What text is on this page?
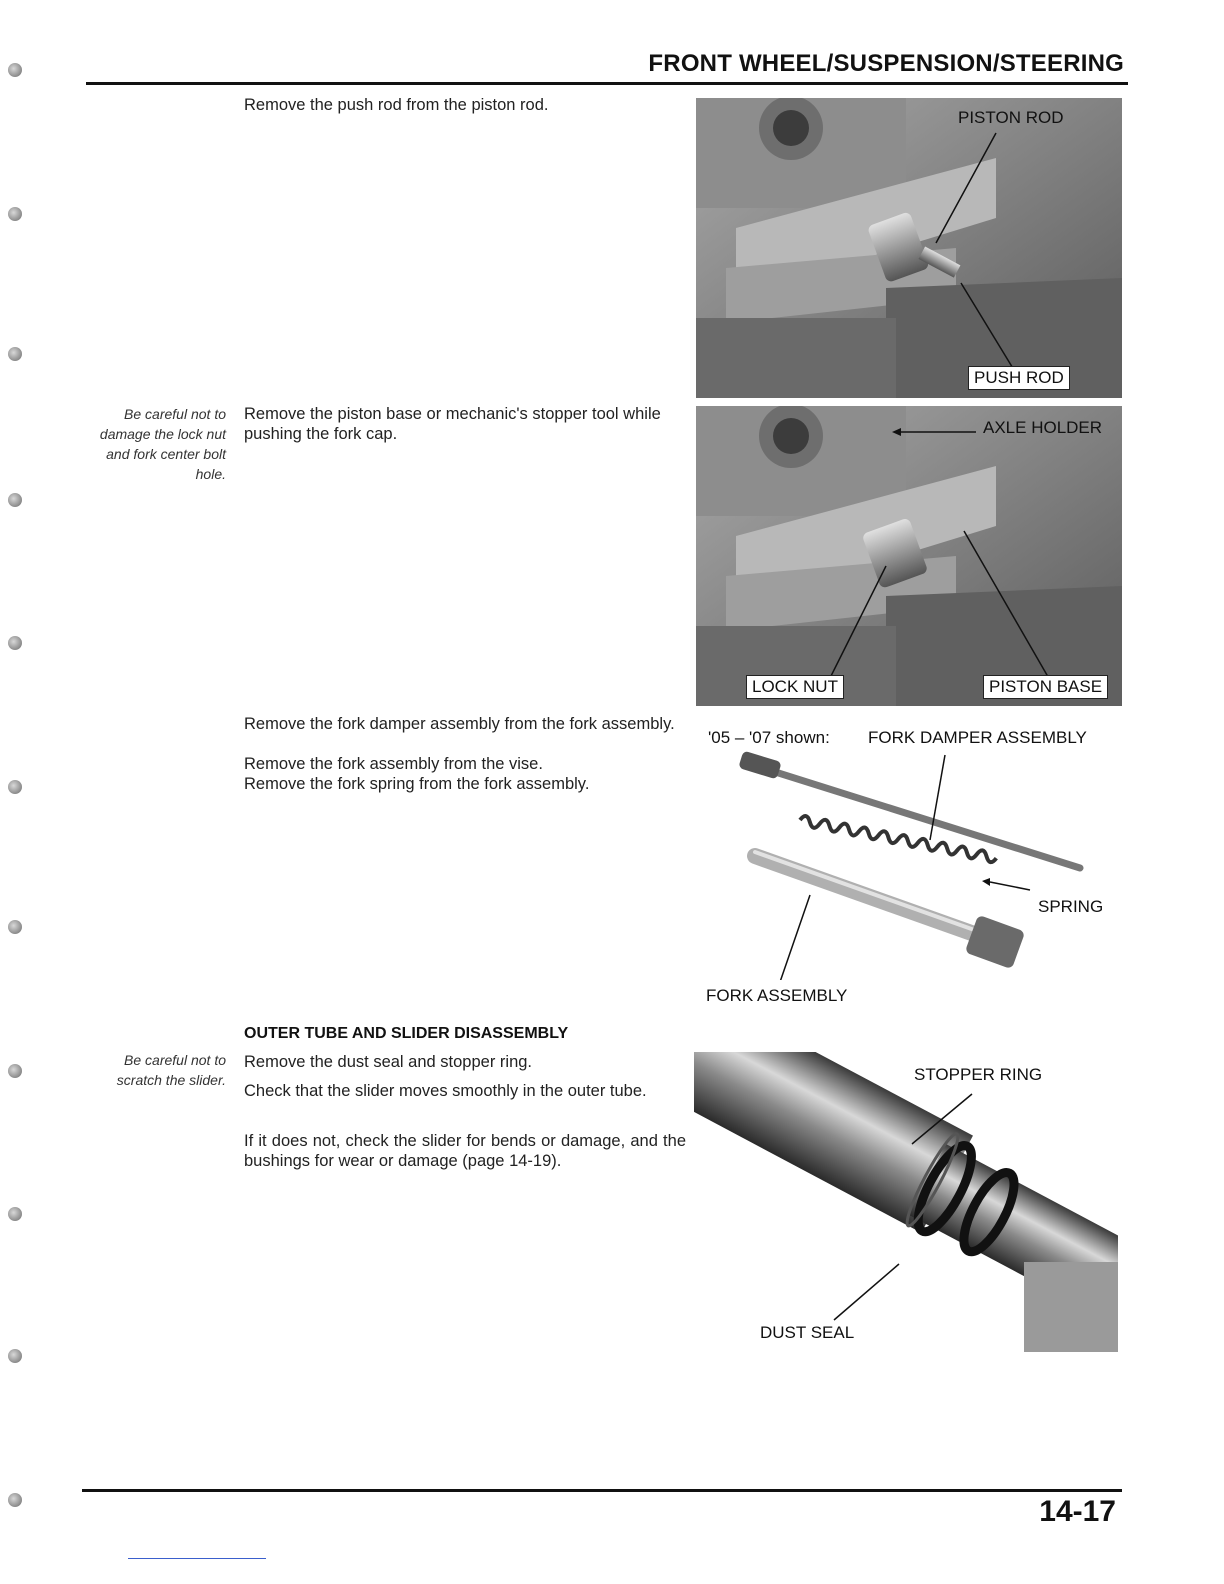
FRONT WHEEL/SUSPENSION/STEERING
Remove the push rod from the piston rod.
PISTON ROD
PUSH ROD
Be careful not to damage the lock nut and fork center bolt hole.
Remove the piston base or mechanic's stopper tool while pushing the fork cap.	AXLE HOLDER
LOCK NUT	PISTON BASE
Remove the fork damper assembly from the fork assembly.
Remove the fork assembly from the vise.
Remove the fork spring from the fork assembly.
'05 – '07 shown: FORK DAMPER ASSEMBLY
SPRING
FORK ASSEMBLY
OUTER TUBE AND SLIDER DISASSEMBLY
Be careful not to scratch the slider.
Remove the dust seal and stopper ring.
Check that the slider moves smoothly in the outer tube.
If it does not, check the slider for bends or damage, and the bushings for wear or damage (page 14-19).
STOPPER RING
DUST SEAL
14-17
